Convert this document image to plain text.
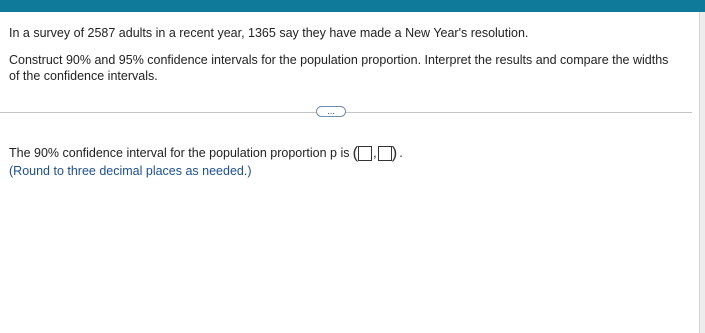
In a survey of 2587 adults in a recent year, 1365 say they have made a New Year's resolution.
Construct 90% and 95% confidence intervals for the population proportion. Interpret the results and compare the widths of the confidence intervals.
...
The 90% confidence interval for the population proportion p is ( , ) .
(Round to three decimal places as needed.)
